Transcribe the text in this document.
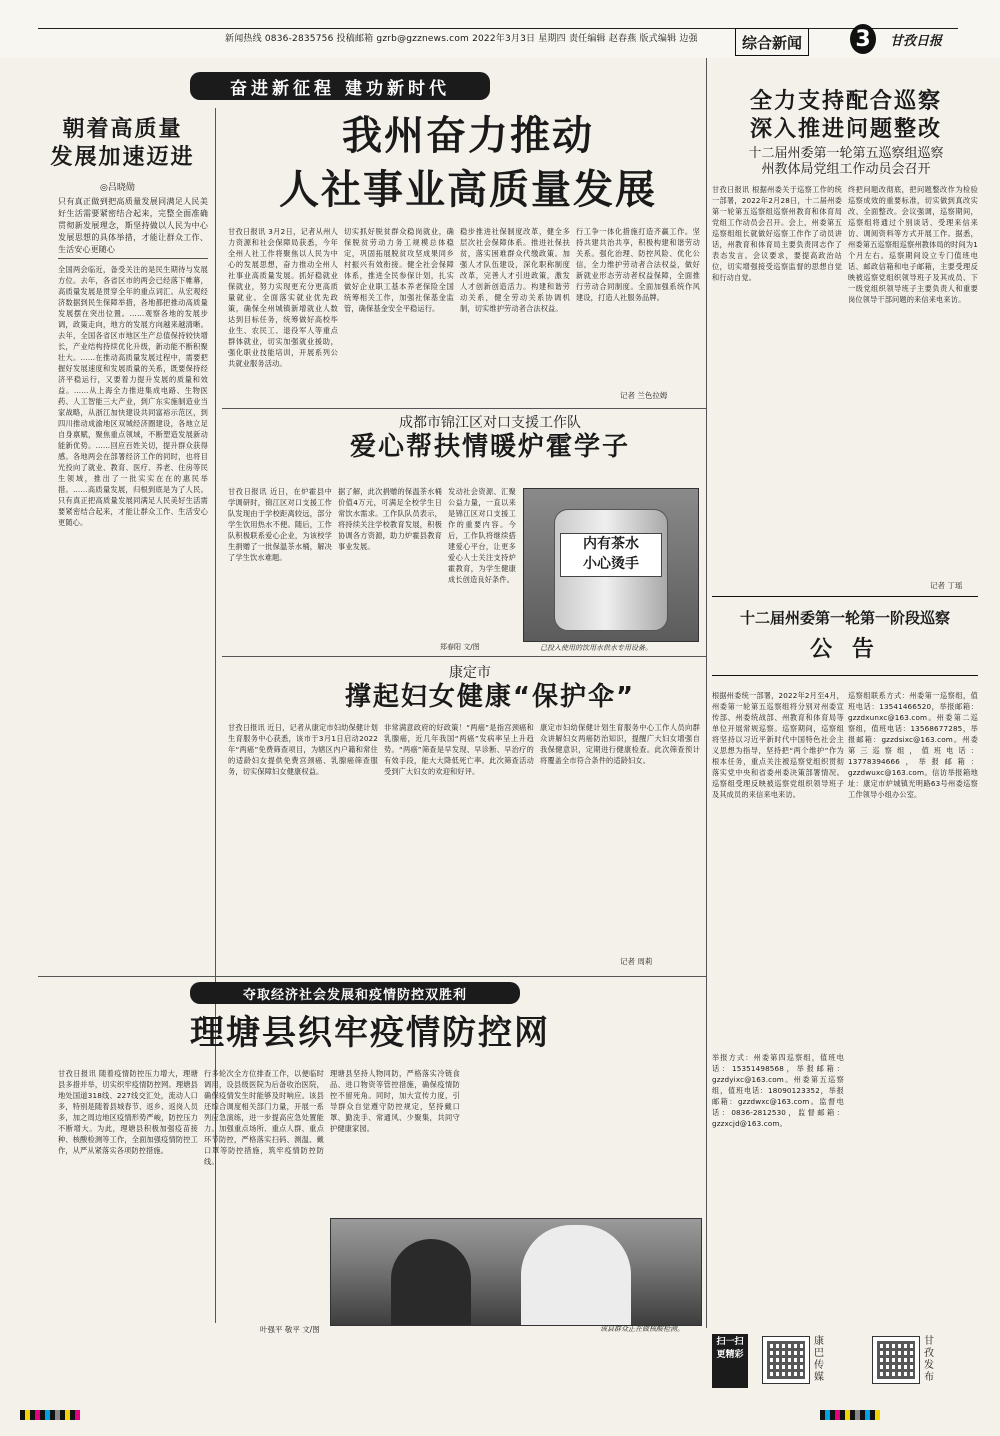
新闻热线 0836-2835756 投稿邮箱 gzrb@gzznews.com 2022年3月3日 星期四 责任编辑 赵春燕 版式编辑 边强	综合新闻	3	甘孜日报
奋进新征程 建功新时代
朝着高质量
发展加速迈进
◎吕晓勋
只有真正做到把高质量发展同满足人民美好生活需要紧密结合起来，完整全面准确贯彻新发展理念，斯坚持做以人民为中心发展思想的具体举措，才能让群众工作、生活安心更随心
全国两会临近，备受关注的是民生期待与发展方位。去年，各省区市的两会已经落下帷幕，高质量发展是贯穿全年的重点词汇。从宏观经济数据到民生保障举措，各地都把推动高质量发展摆在突出位置。……观察各地的发展步调，政策走向，地方的发展方向越来越清晰。去年，全国各省区市地区生产总值保持较快增长，产业结构持续优化升级，新动能不断积聚壮大。……在推动高质量发展过程中，需要把握好发展速度和发展质量的关系，既要保持经济平稳运行，又要着力提升发展的质量和效益。……从上海全力推进集成电路、生物医药、人工智能三大产业，到广东实施制造业当家战略，从浙江加快建设共同富裕示范区，到四川推动成渝地区双城经济圈建设，各地立足自身禀赋，聚焦重点领域，不断塑造发展新动能新优势。……回应百姓关切，提升群众获得感。各地两会在部署经济工作的同时，也将目光投向了就业、教育、医疗、养老、住房等民生领域，推出了一批实实在在的惠民举措。……高质量发展，归根到底是为了人民。只有真正把高质量发展同满足人民美好生活需要紧密结合起来，才能让群众工作、生活安心更随心。
我州奋力推动
人社事业高质量发展
甘孜日报讯 3月2日，记者从州人力资源和社会保障局获悉，今年全州人社工作将聚焦以人民为中心的发展思想，奋力推动全州人社事业高质量发展。抓好稳就业保就业，努力实现更充分更高质量就业。全面落实就业优先政策，确保全州城镇新增就业人数达到目标任务，统筹做好高校毕业生、农民工、退役军人等重点群体就业，切实加强就业援助，强化职业技能培训，开展系列公共就业服务活动。
切实抓好脱贫群众稳岗就业，确保脱贫劳动力务工规模总体稳定，巩固拓展脱贫攻坚成果同乡村振兴有效衔接。健全社会保障体系，推进全民参保计划，扎实做好企业职工基本养老保险全国统筹相关工作，加强社保基金监管，确保基金安全平稳运行。
稳步推进社保制度改革，健全多层次社会保障体系。推进社保扶贫，落实困难群众代缴政策。加强人才队伍建设，深化职称制度改革，完善人才引进政策，激发人才创新创造活力。构建和谐劳动关系，健全劳动关系协调机制，切实维护劳动者合法权益。
行工争一体化措施打造齐赢工作。坚持共建共治共享，积极构建和谐劳动关系。强化治理、防控风险、优化公信，全力维护劳动者合法权益，做好新就业形态劳动者权益保障，全面推行劳动合同制度。全面加强系统作风建设，打造人社服务品牌。
记者 兰色拉姆
成都市锦江区对口支援工作队
爱心帮扶情暖炉霍学子
甘孜日报讯 近日，在炉霍县中学调研时，锦江区对口支援工作队发现由于学校距离较远，部分学生饮用热水不便。随后，工作队积极联系爱心企业，为该校学生捐赠了一批保温茶水桶，解决了学生饮水难题。
据了解，此次捐赠的保温茶水桶价值4万元，可满足全校学生日常饮水需求。工作队队员表示，将持续关注学校教育发展，积极协调各方资源，助力炉霍县教育事业发展。
发动社会资源、汇聚公益力量，一直以来是锦江区对口支援工作的重要内容。今后，工作队将继续搭建爱心平台，让更多爱心人士关注支持炉霍教育，为学生健康成长创造良好条件。
郑春阳 文/图
内有茶水
小心烫手
已投入使用的饮用水供水专用设备。
康定市
撑起妇女健康“保护伞”
甘孜日报讯 近日，记者从康定市妇幼保健计划生育服务中心获悉，该市于3月1日启动2022年“两癌”免费筛查项目，为辖区内户籍和常住的适龄妇女提供免费宫颈癌、乳腺癌筛查服务，切实保障妇女健康权益。
非常满意政府的好政策！“两癌”是指宫颈癌和乳腺癌，近几年我国“两癌”发病率呈上升趋势。“两癌”筛查是早发现、早诊断、早治疗的有效手段，能大大降低死亡率。此次筛查活动受到广大妇女的欢迎和好评。
康定市妇幼保健计划生育服务中心工作人员向群众讲解妇女两癌防治知识，提醒广大妇女增强自我保健意识，定期进行健康检查。此次筛查预计将覆盖全市符合条件的适龄妇女。
记者 周莉
全力支持配合巡察
深入推进问题整改
十二届州委第一轮第五巡察组巡察
州教体局党组工作动员会召开
甘孜日报讯 根据州委关于巡察工作的统一部署，2022年2月28日，十二届州委第一轮第五巡察组巡察州教育和体育局党组工作动员会召开。会上，州委第五巡察组组长就做好巡察工作作了动员讲话，州教育和体育局主要负责同志作了表态发言。会议要求，要提高政治站位，切实增强接受巡察监督的思想自觉和行动自觉。
终把问题改彻底，把问题整改作为检验巡察成效的重要标准，切实做到真改实改、全面整改。会议强调，巡察期间，巡察组将通过个别谈话、受理来信来访、调阅资料等方式开展工作。据悉，州委第五巡察组巡察州教体局的时间为1个月左右。巡察期间设立专门值班电话、邮政信箱和电子邮箱，主要受理反映被巡察党组织领导班子及其成员、下一级党组织领导班子主要负责人和重要岗位领导干部问题的来信来电来访。
记者 丁瑶
十二届州委第一轮第一阶段巡察
公 告
根据州委统一部署，2022年2月至4月，州委第一轮第五巡察组将分别对州委宣传部、州委统战部、州教育和体育局等单位开展常规巡察。巡察期间，巡察组将坚持以习近平新时代中国特色社会主义思想为指导，坚持把“两个维护”作为根本任务，重点关注被巡察党组织贯彻落实党中央和省委州委决策部署情况。巡察组受理反映被巡察党组织领导班子及其成员的来信来电来访。
巡察组联系方式：州委第一巡察组，值班电话：13541466520，举报邮箱：gzzdxunxc@163.com。州委第二巡察组，值班电话：13568677285，举报邮箱：gzzdsixc@163.com。州委第三巡察组，值班电话：13778394666，举报邮箱：gzzdwuxc@163.com。信访举报箱地址：康定市炉城镇光明路63号州委巡察工作领导小组办公室。
举报方式：州委第四巡察组，值班电话：15351498568，举报邮箱：gzzdyixc@163.com。州委第五巡察组，值班电话：18090123352，举报邮箱：gzzdwxc@163.com。监督电话：0836-2812530，监督邮箱：gzzxcjd@163.com。
夺取经济社会发展和疫情防控双胜利
理塘县织牢疫情防控网
甘孜日报讯 随着疫情防控压力增大，理塘县多措并举，切实织牢疫情防控网。理塘县地处国道318线、227线交汇处，流动人口多，特别是随着县城春节、返乡、返岗人员多，加之周边地区疫情形势严峻，防控压力不断增大。为此，理塘县积极加强疫苗接种、核酸检测等工作，全面加强疫情防控工作，从严从紧落实各项防控措施。
行多轮次全方位排查工作，以便临时调用，设县级医院为后备收治医院，确保疫情发生时能够及时响应。该县还综合调度相关部门力量，开展一系列应急演练，进一步提高应急处置能力。加强重点场所、重点人群、重点环节防控，严格落实扫码、测温、戴口罩等防控措施，筑牢疫情防控防线。
理塘县坚持人物同防，严格落实冷链食品、进口物资等管控措施，确保疫情防控不留死角。同时，加大宣传力度，引导群众自觉遵守防控规定，坚持戴口罩、勤洗手、常通风、少聚集，共同守护健康家园。
叶强平 敬平 文/图	该县群众正在做核酸检测。
扫一扫
更精彩
康巴传媒
甘孜发布
